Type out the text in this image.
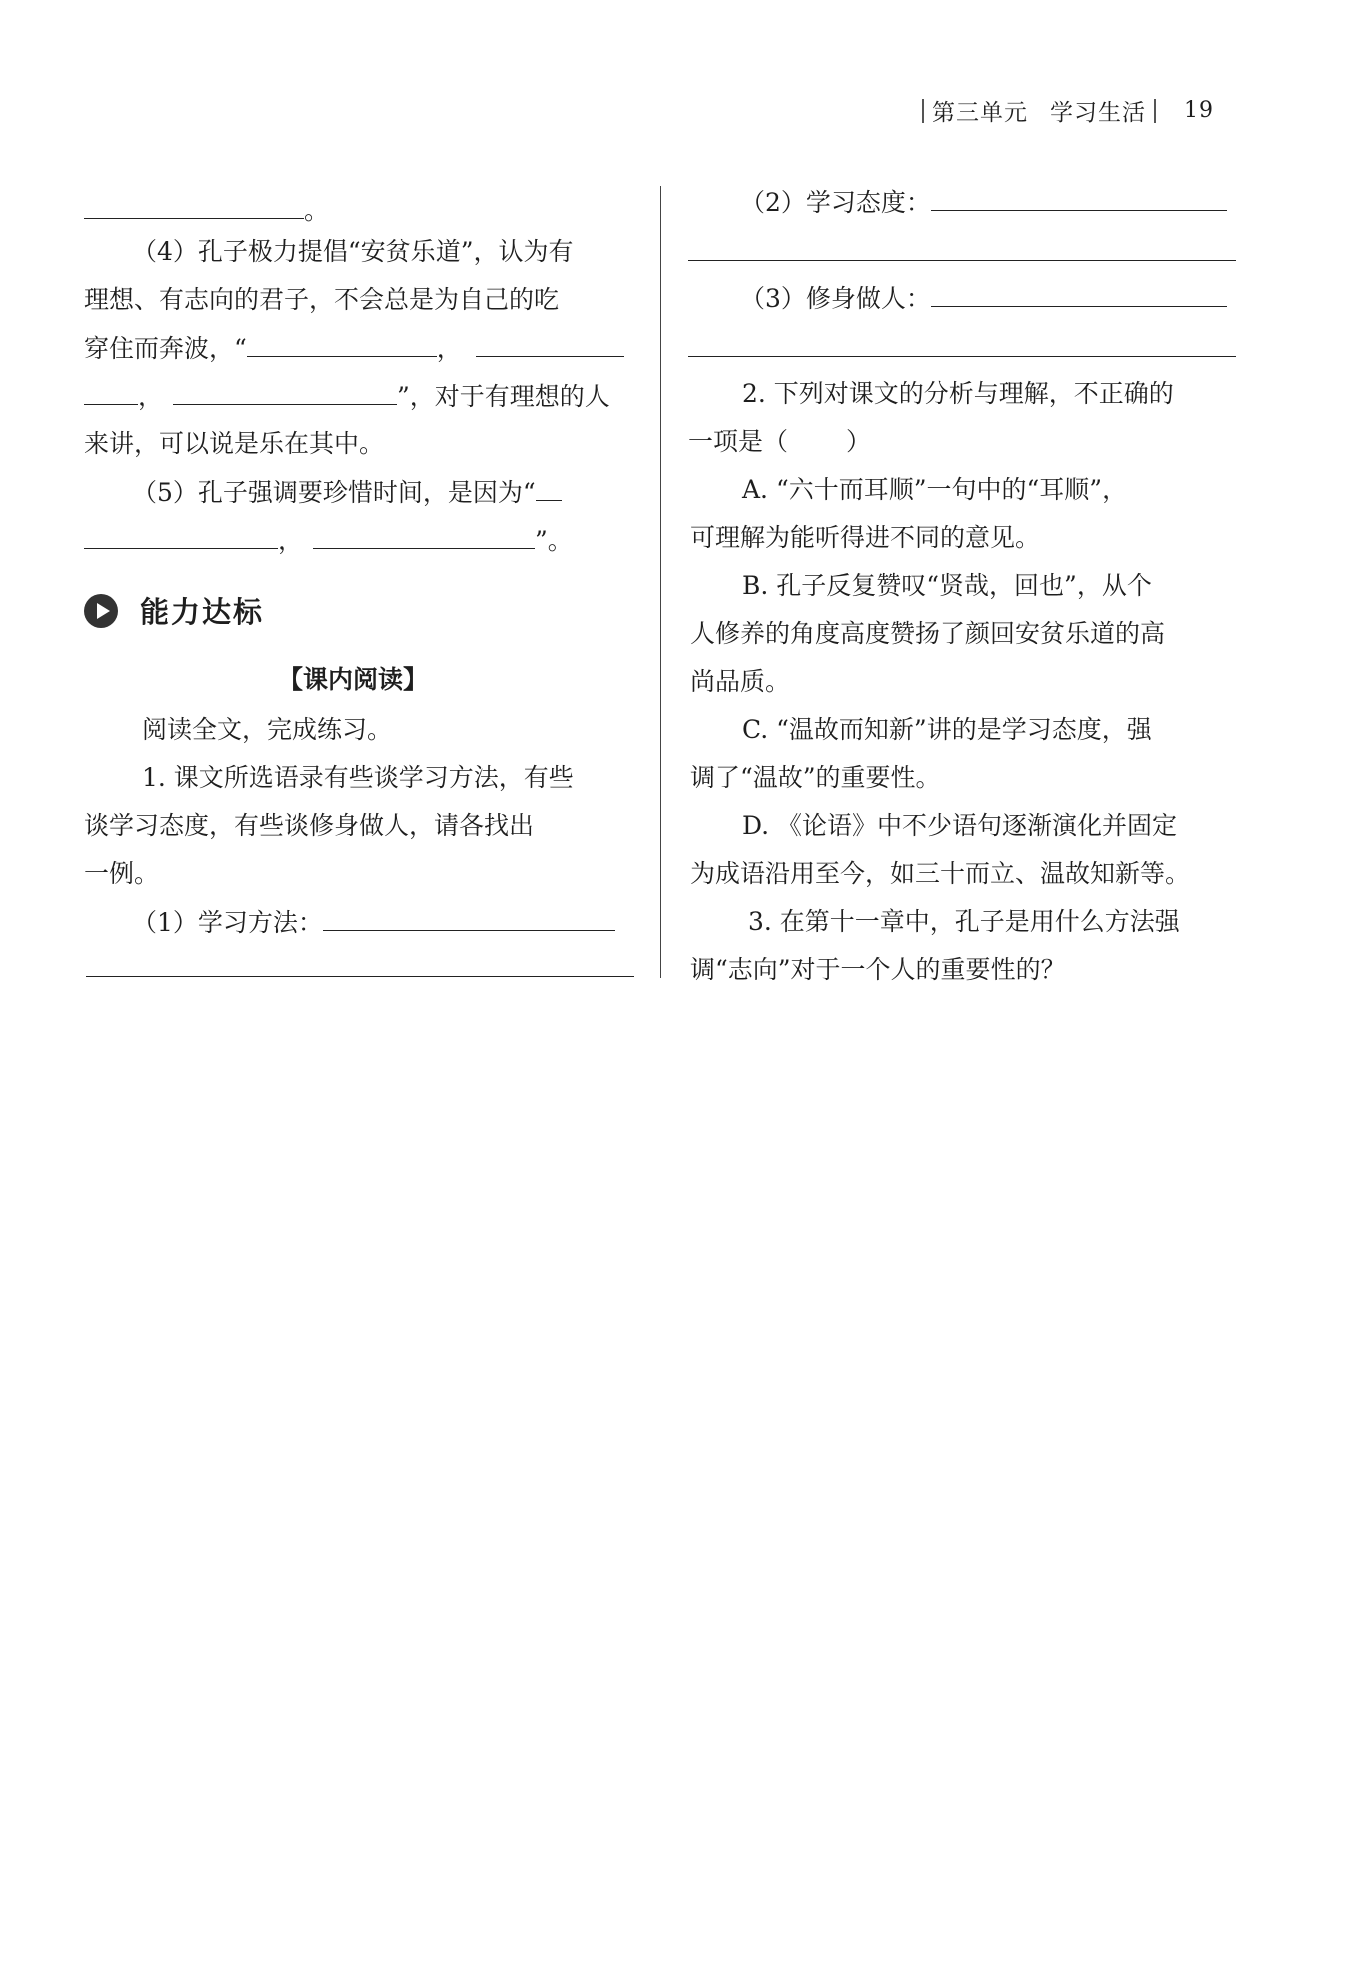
第三单元 学习生活 19
。
（4）孔子极力提倡“安贫乐道”，认为有
理想、有志向的君子，不会总是为自己的吃
穿住而奔波，“	，
，	”，对于有理想的人
来讲，可以说是乐在其中。
（5）孔子强调要珍惜时间，是因为“
，	”。
能力达标
【课内阅读】
阅读全文，完成练习。
1. 课文所选语录有些谈学习方法，有些
谈学习态度，有些谈修身做人，请各找出
一例。
（1）学习方法：
（2）学习态度：
（3）修身做人：
2. 下列对课文的分析与理解，不正确的
一项是（ ）
A. “六十而耳顺”一句中的“耳顺”，
可理解为能听得进不同的意见。
B. 孔子反复赞叹“贤哉，回也”，从个
人修养的角度高度赞扬了颜回安贫乐道的高
尚品质。
C. “温故而知新”讲的是学习态度，强
调了“温故”的重要性。
D. 《论语》中不少语句逐渐演化并固定
为成语沿用至今，如三十而立、温故知新等。
3. 在第十一章中，孔子是用什么方法强
调“志向”对于一个人的重要性的？
